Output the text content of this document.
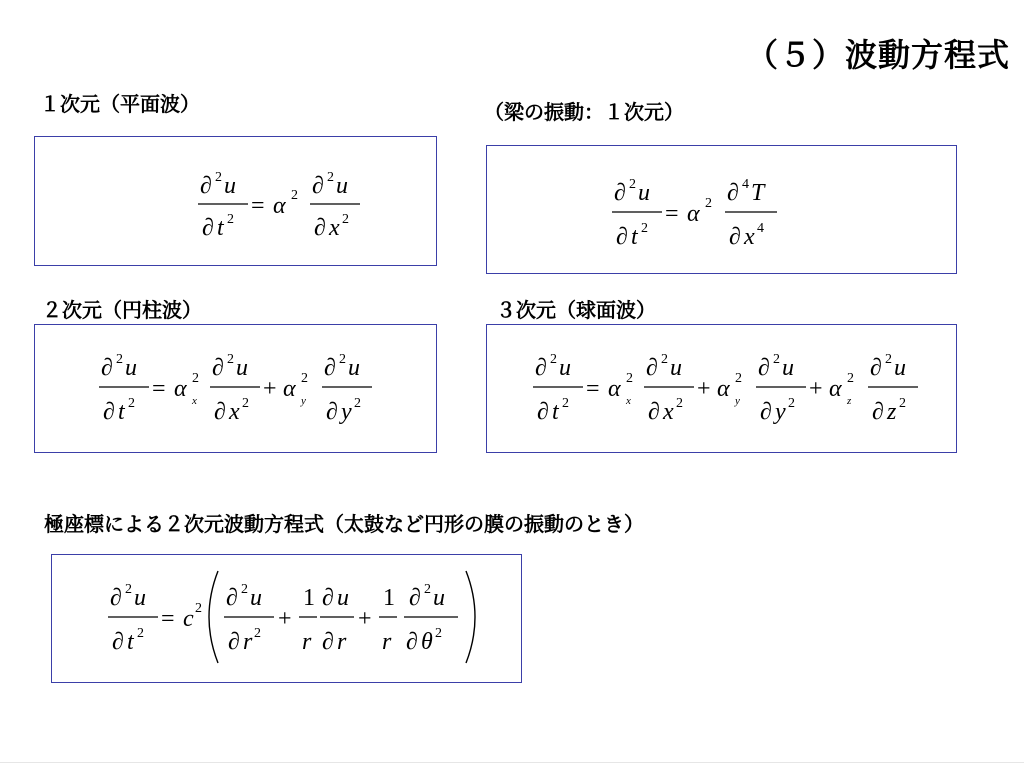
（５）波動方程式
１次元（平面波）
∂ 2 u
∂ t 2
= α 2 ∂ 2 u
∂ x 2
（梁の振動：１次元）
∂ 2 u
∂ t 2
= α 2 ∂ 4 T
∂ x 4
２次元（円柱波）
∂ 2 u
∂ t 2
= α 2
x
∂ 2 u
∂ x 2
+ α 2
y
∂ 2 u
∂ y 2
３次元（球面波）
∂ 2 u
∂ t 2
= α 2
x
∂ 2 u
∂ x 2
+ α 2
y
∂ 2 u
∂ y 2
+ α 2
z
∂ 2 u
∂ z 2
極座標による２次元波動方程式（太鼓など円形の膜の振動のとき）
∂ 2 u
∂ t 2
= c 2 ∂ 2 u
∂ r 2
+
1
r
∂ u
∂ r
+
1
r
∂ 2 u
∂ θ 2
